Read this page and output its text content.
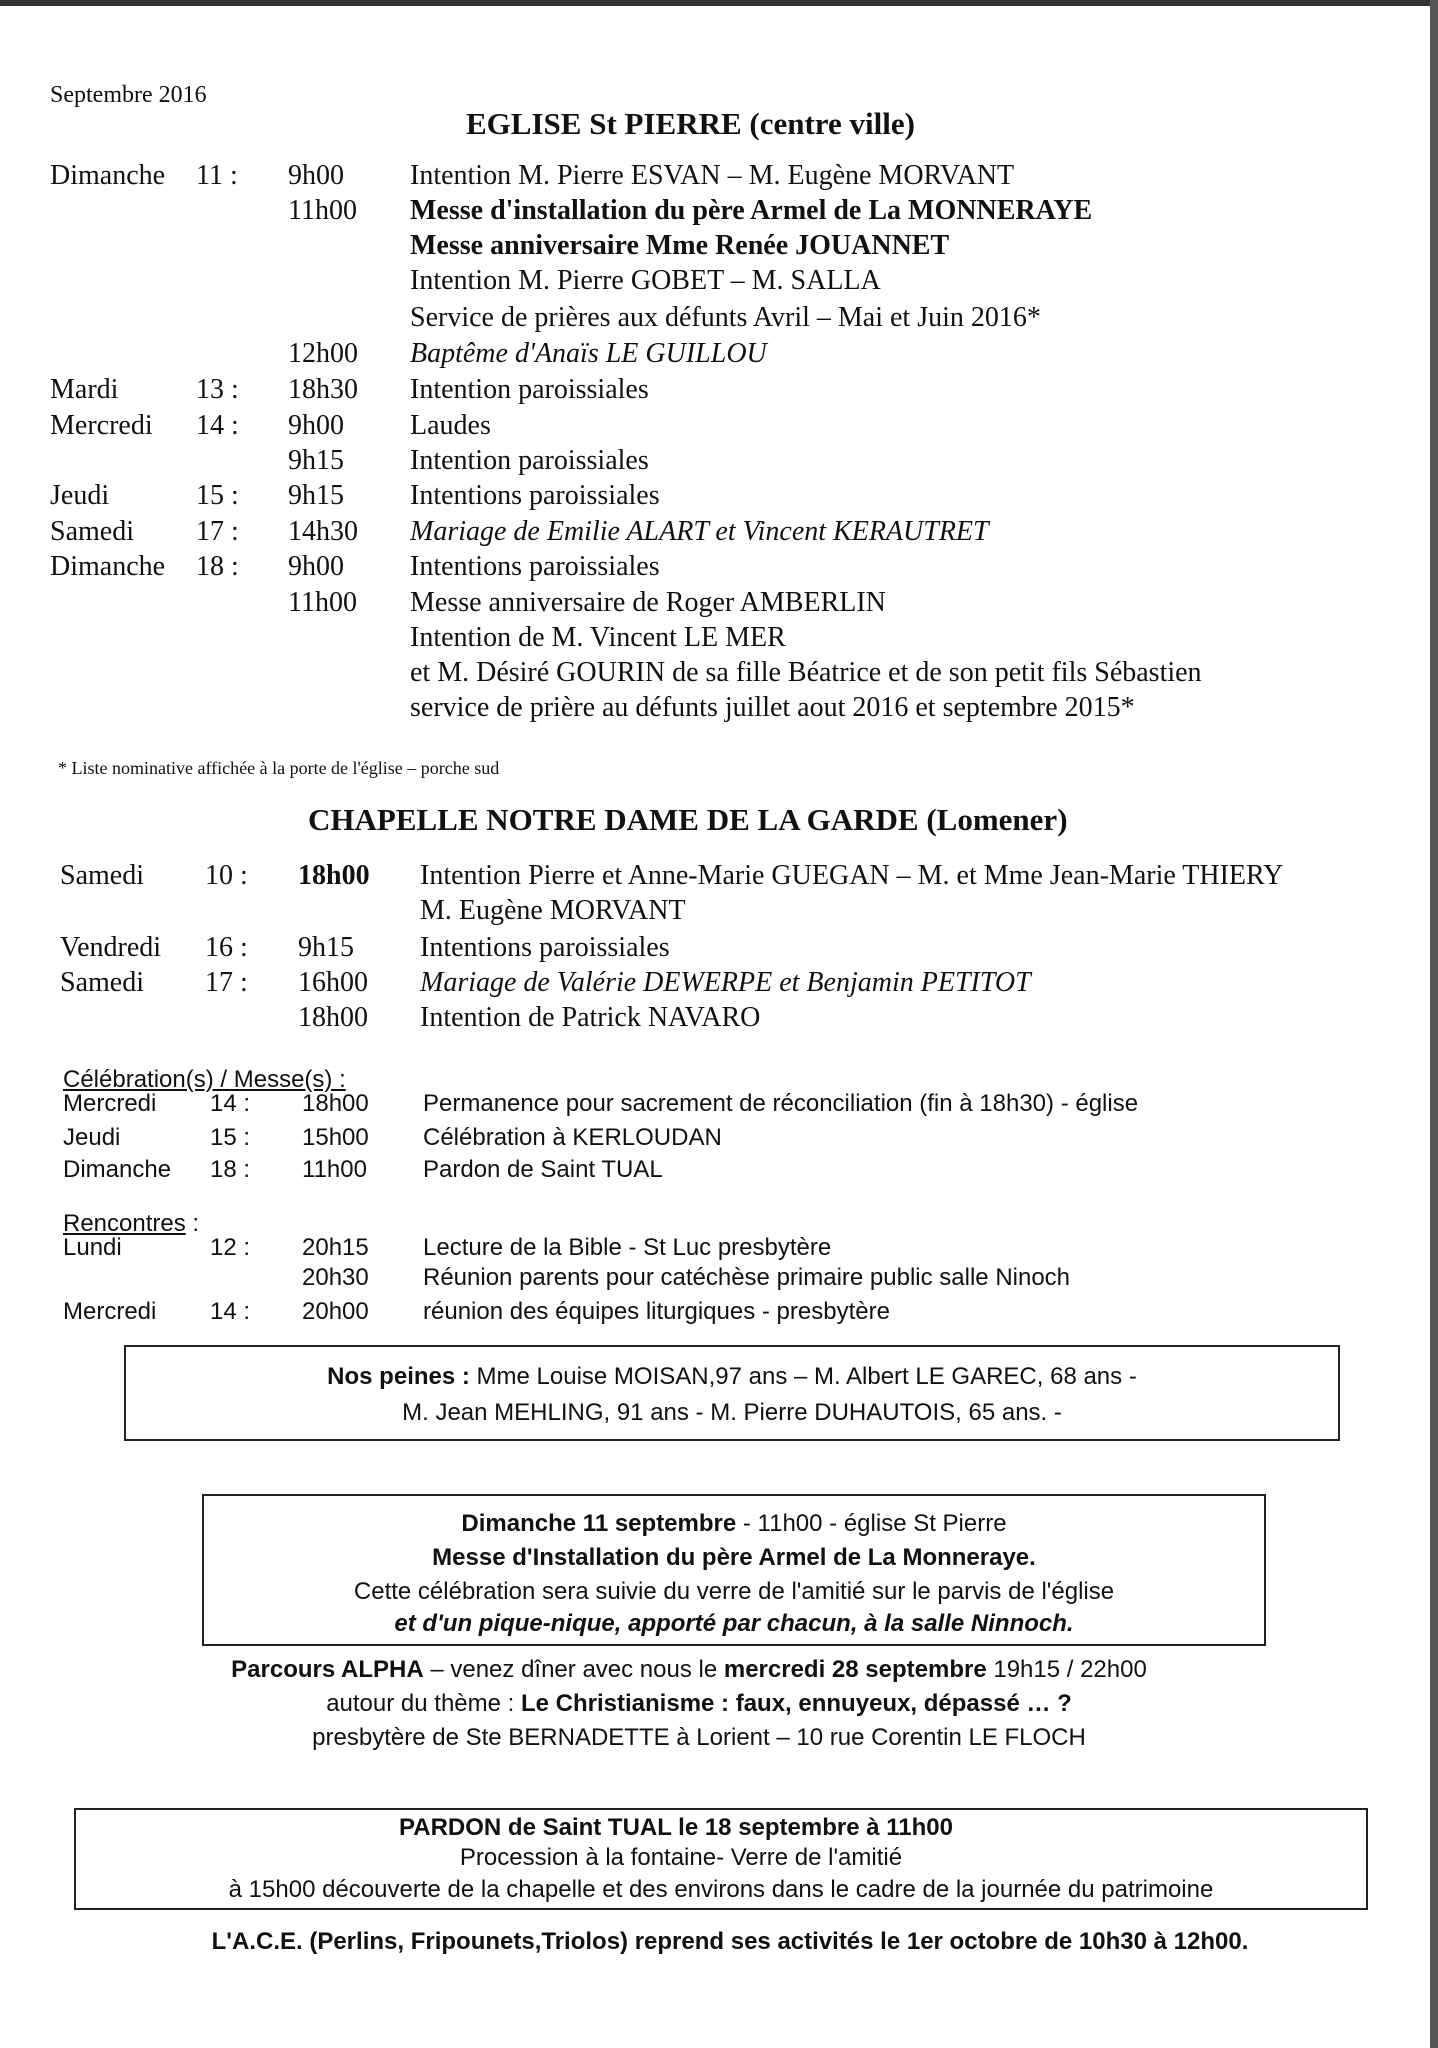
Septembre 2016
EGLISE St PIERRE (centre ville)
Dimanche 11 : 9h00 Intention M. Pierre ESVAN – M. Eugène MORVANT
11h00 Messe d'installation du père Armel de La MONNERAYE
Messe anniversaire Mme Renée JOUANNET
Intention M. Pierre GOBET – M. SALLA
Service de prières aux défunts Avril – Mai et Juin 2016*
12h00 Baptême d'Anaïs LE GUILLOU
Mardi	13 : 18h30 Intention paroissiales
Mercredi 14 : 9h00 Laudes
9h15 Intention paroissiales
Jeudi	15 : 9h15 Intentions paroissiales
Samedi 17 : 14h30 Mariage de Emilie ALART et Vincent KERAUTRET
Dimanche 18 : 9h00 Intentions paroissiales
11h00 Messe anniversaire de Roger AMBERLIN
Intention de M. Vincent LE MER
et M. Désiré GOURIN de sa fille Béatrice et de son petit fils Sébastien
service de prière au défunts juillet aout 2016 et septembre 2015*
* Liste nominative affichée à la porte de l'église – porche sud
CHAPELLE NOTRE DAME DE LA GARDE (Lomener)
Samedi 10 : 18h00 Intention Pierre et Anne-Marie GUEGAN – M. et Mme Jean-Marie THIERY
M. Eugène MORVANT
Vendredi 16 : 9h15 Intentions paroissiales
Samedi 17 : 16h00 Mariage de Valérie DEWERPE et Benjamin PETITOT
18h00 Intention de Patrick NAVARO
Célébration(s) / Messe(s) :
Mercredi 14 : 18h00 Permanence pour sacrement de réconciliation (fin à 18h30) - église
Jeudi	15 : 15h00 Célébration à KERLOUDAN
Dimanche 18 : 11h00 Pardon de Saint TUAL
Rencontres :
Lundi	12 : 20h15 Lecture de la Bible - St Luc presbytère
20h30 Réunion parents pour catéchèse primaire public salle Ninoch
Mercredi 14 : 20h00 réunion des équipes liturgiques - presbytère
Nos peines : Mme Louise MOISAN,97 ans – M. Albert LE GAREC, 68 ans -
M. Jean MEHLING, 91 ans - M. Pierre DUHAUTOIS, 65 ans. -
Dimanche 11 septembre - 11h00 - église St Pierre
Messe d'Installation du père Armel de La Monneraye.
Cette célébration sera suivie du verre de l'amitié sur le parvis de l'église
et d'un pique-nique, apporté par chacun, à la salle Ninnoch.
Parcours ALPHA – venez dîner avec nous le mercredi 28 septembre 19h15 / 22h00
autour du thème : Le Christianisme : faux, ennuyeux, dépassé … ?
presbytère de Ste BERNADETTE à Lorient – 10 rue Corentin LE FLOCH
PARDON de Saint TUAL le 18 septembre à 11h00
Procession à la fontaine- Verre de l'amitié
à 15h00 découverte de la chapelle et des environs dans le cadre de la journée du patrimoine
L'A.C.E. (Perlins, Fripounets,Triolos) reprend ses activités le 1er octobre de 10h30 à 12h00.
